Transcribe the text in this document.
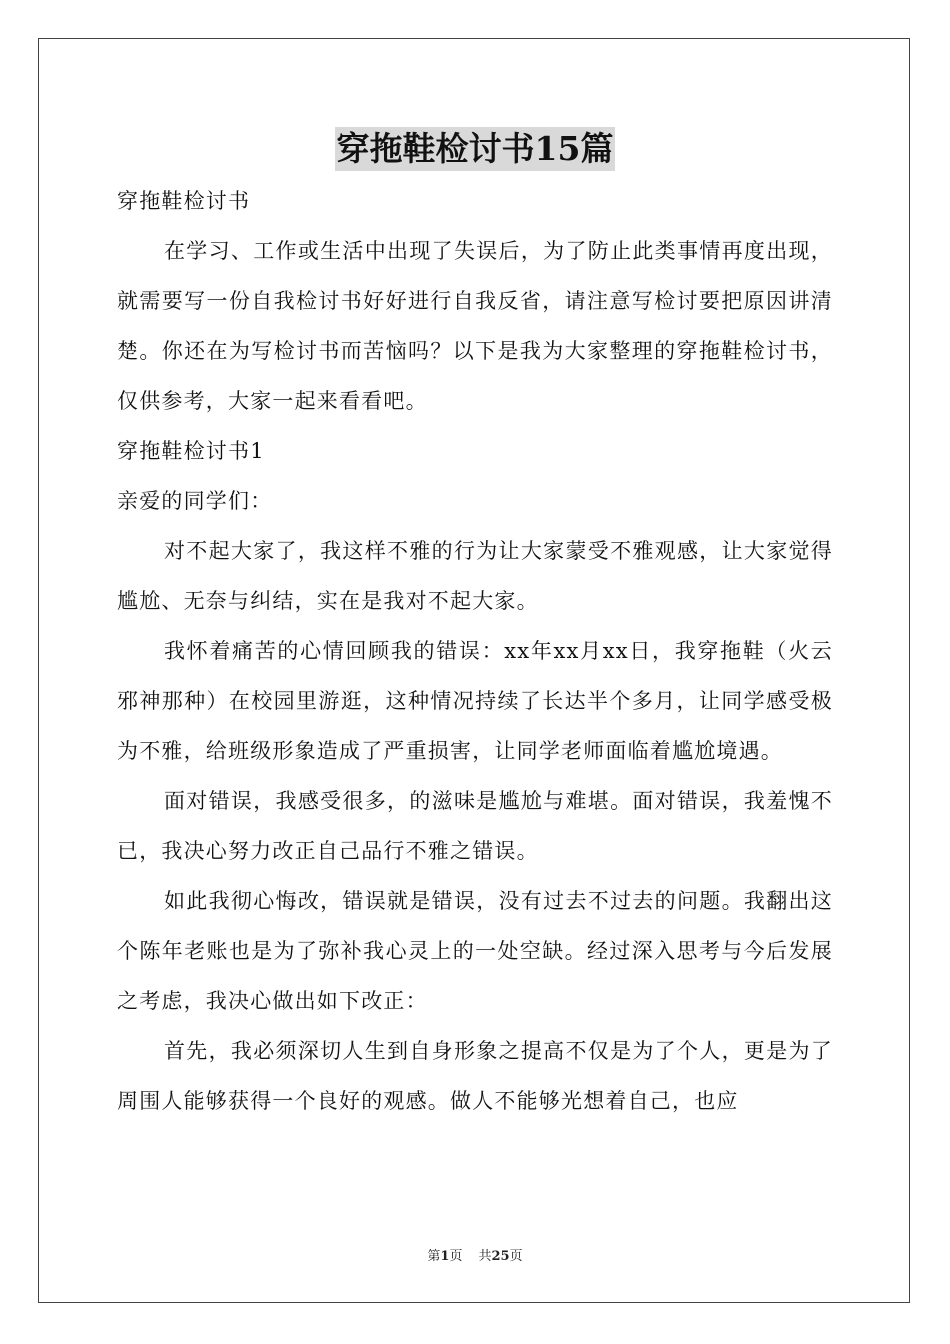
穿拖鞋检讨书15篇

穿拖鞋检讨书

在学习、工作或生活中出现了失误后，为了防止此类事情再度出现，就需要写一份自我检讨书好好进行自我反省，请注意写检讨要把原因讲清楚。你还在为写检讨书而苦恼吗？以下是我为大家整理的穿拖鞋检讨书，仅供参考，大家一起来看看吧。

穿拖鞋检讨书1

亲爱的同学们：

对不起大家了，我这样不雅的行为让大家蒙受不雅观感，让大家觉得尴尬、无奈与纠结，实在是我对不起大家。

我怀着痛苦的心情回顾我的错误：xx年xx月xx日，我穿拖鞋（火云邪神那种）在校园里游逛，这种情况持续了长达半个多月，让同学感受极为不雅，给班级形象造成了严重损害，让同学老师面临着尴尬境遇。

面对错误，我感受很多，的滋味是尴尬与难堪。面对错误，我羞愧不已，我决心努力改正自己品行不雅之错误。

如此我彻心悔改，错误就是错误，没有过去不过去的问题。我翻出这个陈年老账也是为了弥补我心灵上的一处空缺。经过深入思考与今后发展之考虑，我决心做出如下改正：

首先，我必须深切人生到自身形象之提高不仅是为了个人，更是为了周围人能够获得一个良好的观感。做人不能够光想着自己，也应

第1页 共25页
